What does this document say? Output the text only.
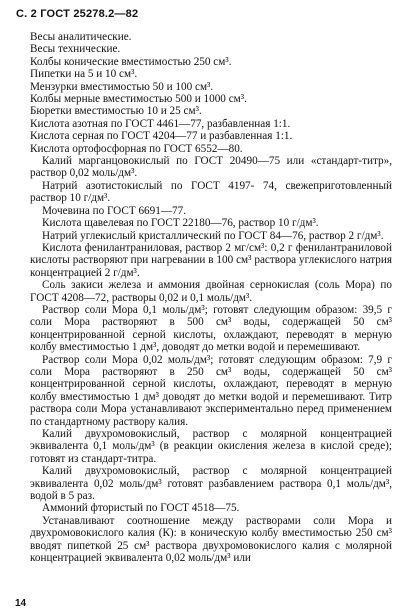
С. 2 ГОСТ 25278.2—82

Весы аналитические.

Весы технические.

Колбы конические вместимостью 250 см³.

Пипетки на 5 и 10 см³.

Мензурки вместимостью 50 и 100 см³.

Колбы мерные вместимостью 500 и 1000 см³.

Бюретки вместимостью 10 и 25 см³.

Кислота азотная по ГОСТ 4461—77, разбавленная 1:1.

Кислота серная по ГОСТ 4204—77 и разбавленная 1:1.

Кислота ортофосфорная по ГОСТ 6552—80.

Калий марганцовокислый по ГОСТ 20490—75 или «стандарт-титр», раствор 0,02 моль/дм³.

Натрий азотистокислый по ГОСТ 4197- 74, свежеприготовленный раствор 10 г/дм³.

Мочевина по ГОСТ 6691—77.

Кислота щавелевая по ГОСТ 22180—76, раствор 10 г/дм³.

Натрий углекислый кристаллический по ГОСТ 84—76, раствор 2 г/дм³.

Кислота фенилантраниловая, раствор 2 мг/см³: 0,2 г фенилантраниловой кислоты растворяют при нагревании в 100 см³ раствора углекислого натрия концентрацией 2 г/дм³.

Соль закиси железа и аммония двойная сернокислая (соль Мора) по ГОСТ 4208—72, растворы 0,02 и 0,1 моль/дм³.

Раствор соли Мора 0,1 моль/дм³; готовят следующим образом: 39,5 г соли Мора растворяют в 500 см³ воды, содержащей 50 см³ концентрированной серной кислоты, охлаждают, переводят в мерную колбу вместимостью 1 дм³, доводят до метки водой и перемешивают.

Раствор соли Мора 0,02 моль/дм³; готовят следующим образом: 7,9 г соли Мора растворяют в 250 см³ воды, содержащей 50 см³ концентрированной серной кислоты, охлаждают, переводят в мерную колбу вместимостью 1 дм³ доводят до метки водой и перемешивают. Титр раствора соли Мора устанавливают экспериментально перед применением по стандартному раствору калия.

Калий двухромовокислый, раствор с молярной концентрацией эквивалента 0,1 моль/дм³ (в реакции окисления железа в кислой среде); готовят из стандарт-титра.

Калий двухромовокислый, раствор с молярной концентрацией эквивалента 0,02 моль/дм³ готовят разбавлением раствора 0,1 моль/дм³, водой в 5 раз.

Аммоний фтористый по ГОСТ 4518—75.

Устанавливают соотношение между растворами соли Мора и двухромовокислого калия (К): в коническую колбу вместимостью 250 см³ вводят пипеткой 25 см³ раствора двухромовокислого калия с молярной концентрацией эквивалента 0,02 моль/дм³ или

14
